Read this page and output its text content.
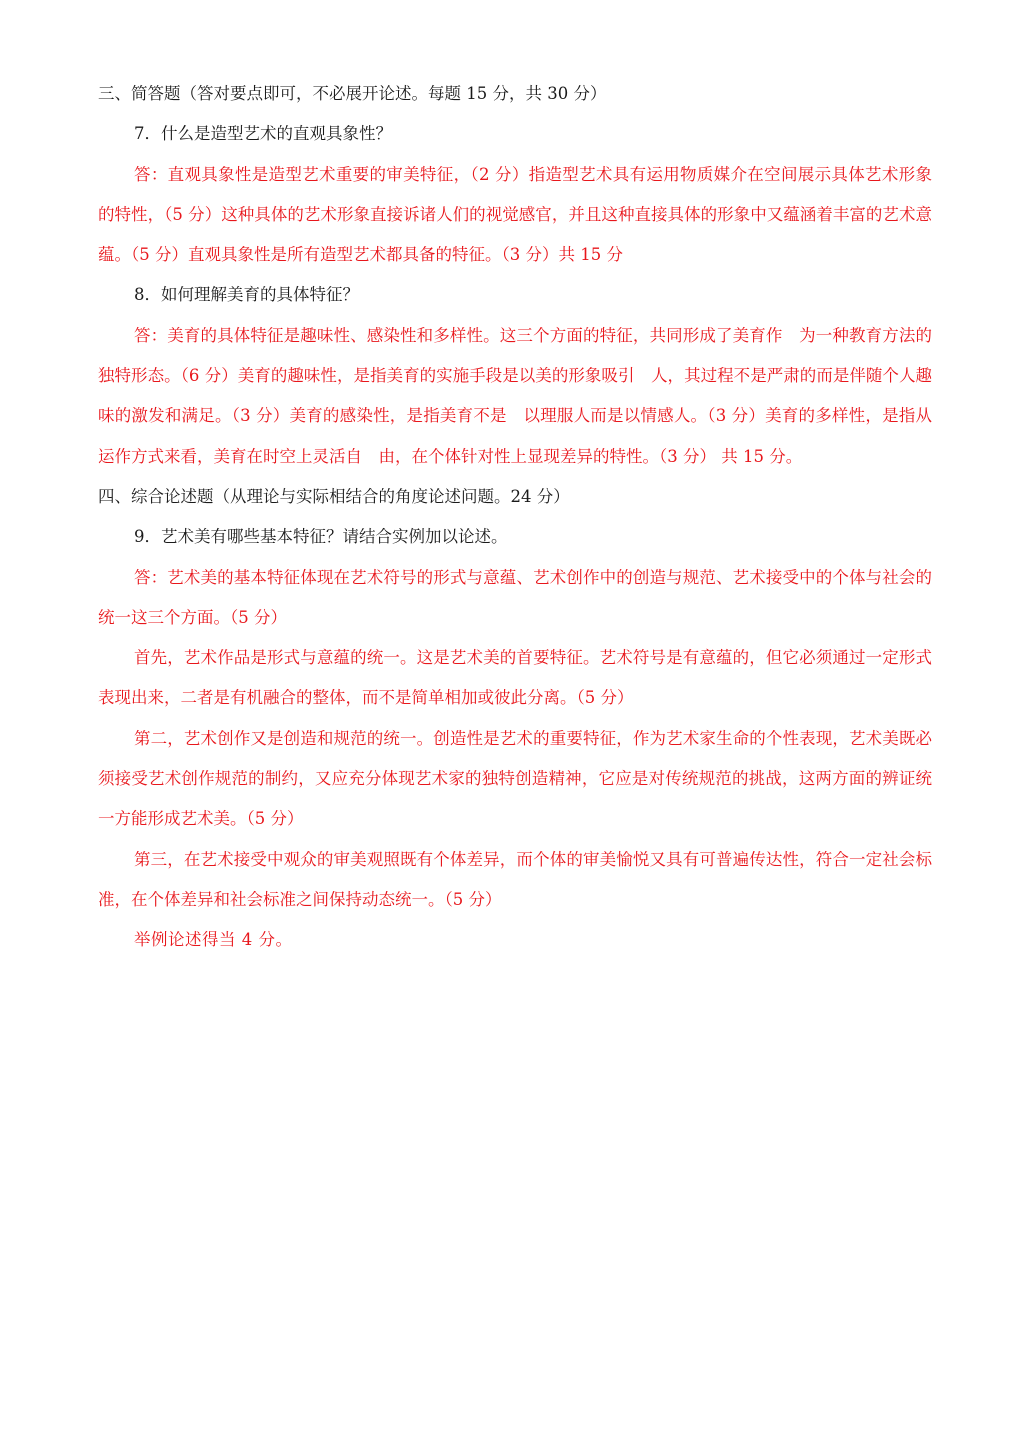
三、简答题（答对要点即可，不必展开论述。每题 15 分，共 30 分）
7．什么是造型艺术的直观具象性？
答：直观具象性是造型艺术重要的审美特征，（2 分）指造型艺术具有运用物质媒介在空间展示具体艺术形象的特性，（5 分）这种具体的艺术形象直接诉诸人们的视觉感官，并且这种直接具体的形象中又蕴涵着丰富的艺术意蕴。（5 分）直观具象性是所有造型艺术都具备的特征。（3 分）共 15 分
8．如何理解美育的具体特征？
答：美育的具体特征是趣味性、感染性和多样性。这三个方面的特征，共同形成了美育作　为一种教育方法的独特形态。（6 分）美育的趣味性，是指美育的实施手段是以美的形象吸引　人，其过程不是严肃的而是伴随个人趣味的激发和满足。（3 分）美育的感染性，是指美育不是　以理服人而是以情感人。（3 分）美育的多样性，是指从运作方式来看，美育在时空上灵活自　由，在个体针对性上显现差异的特性。（3 分） 共 15 分。
四、综合论述题（从理论与实际相结合的角度论述问题。24 分）
9．艺术美有哪些基本特征？请结合实例加以论述。
答：艺术美的基本特征体现在艺术符号的形式与意蕴、艺术创作中的创造与规范、艺术接受中的个体与社会的统一这三个方面。（5 分）
首先，艺术作品是形式与意蕴的统一。这是艺术美的首要特征。艺术符号是有意蕴的，但它必须通过一定形式表现出来，二者是有机融合的整体，而不是简单相加或彼此分离。（5 分）
第二，艺术创作又是创造和规范的统一。创造性是艺术的重要特征，作为艺术家生命的个性表现，艺术美既必须接受艺术创作规范的制约，又应充分体现艺术家的独特创造精神，它应是对传统规范的挑战，这两方面的辨证统一方能形成艺术美。（5 分）
第三，在艺术接受中观众的审美观照既有个体差异，而个体的审美愉悦又具有可普遍传达性，符合一定社会标准，在个体差异和社会标准之间保持动态统一。（5 分）
举例论述得当 4 分。
